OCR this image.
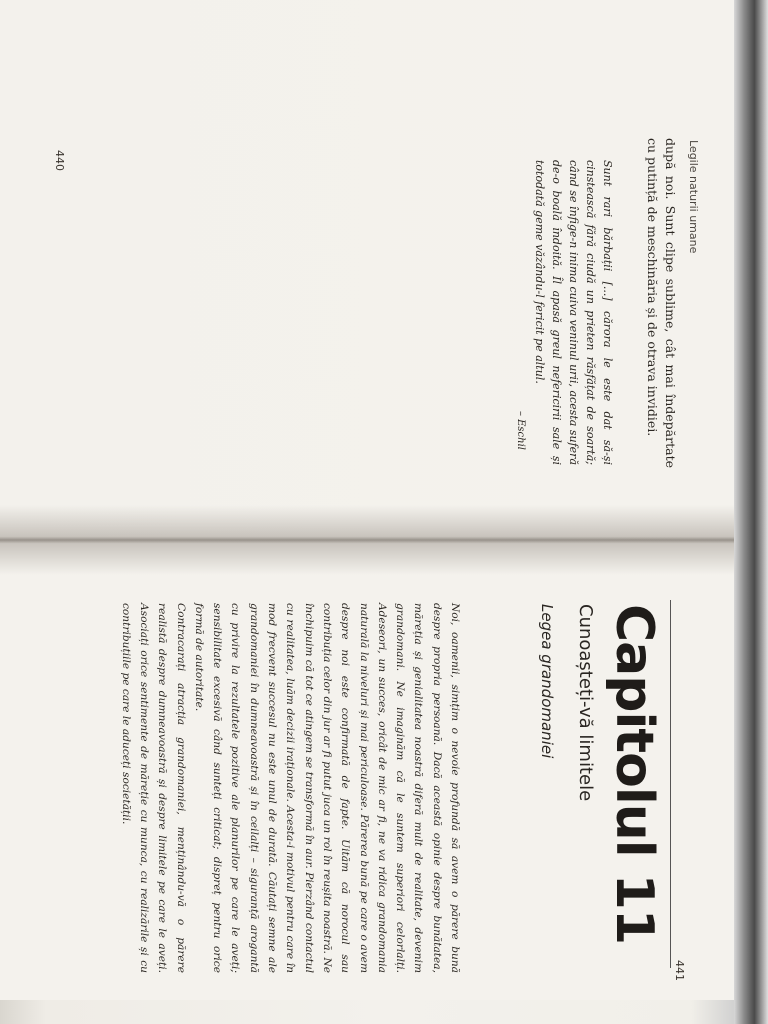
Legile naturii umane
după noi. Sunt clipe sublime, cât mai îndepărtate cu putință de meschinăria și de otrava invidiei.
Sunt rari bărbații [...] cărora le este dat să-și cinstească fără ciudă un prieten răsfățat de soartă; când se înfige-n inima cuiva veninul urii, acesta suferă de-o boală îndoită. Îl apasă greul nefericirii sale și totodată geme văzându-l fericit pe altul.
– Eschil
440
441
Capitolul 11
Cunoașteți-vă limitele
Legea grandomaniei

Noi, oamenii, simțim o nevoie profundă să avem o părere bună despre propria persoană. Dacă această opinie despre bunătatea, măreția și genialitatea noastră diferă mult de realitate, devenim grandomani. Ne imaginăm că le suntem superiori celorlalți. Adeseori, un succes, oricât de mic ar fi, ne va ridica grandomania naturală la niveluri și mai periculoase. Părerea bună pe care o avem despre noi este confirmată de fapte. Uităm că norocul sau contribuția celor din jur ar fi putut juca un rol în reușita noastră. Ne închipuim că tot ce atingem se transformă în aur. Pierzând contactul cu realitatea, luăm decizii iraționale. Acesta-i motivul pentru care în mod frecvent succesul nu este unul de durată. Căutați semne ale grandomaniei în dumneavoastră și în ceilalți – siguranță arogantă cu privire la rezultatele pozitive ale planurilor pe care le aveți; sensibilitate excesivă când sunteți criticat; dispreț pentru orice formă de autoritate.

Contracarați atracția grandomaniei, menținându-vă o părere realistă despre dumneavoastră și despre limitele pe care le aveți. Asociați orice sentimente de măreție cu munca, cu realizările și cu contribuțiile pe care le aduceți societății.
